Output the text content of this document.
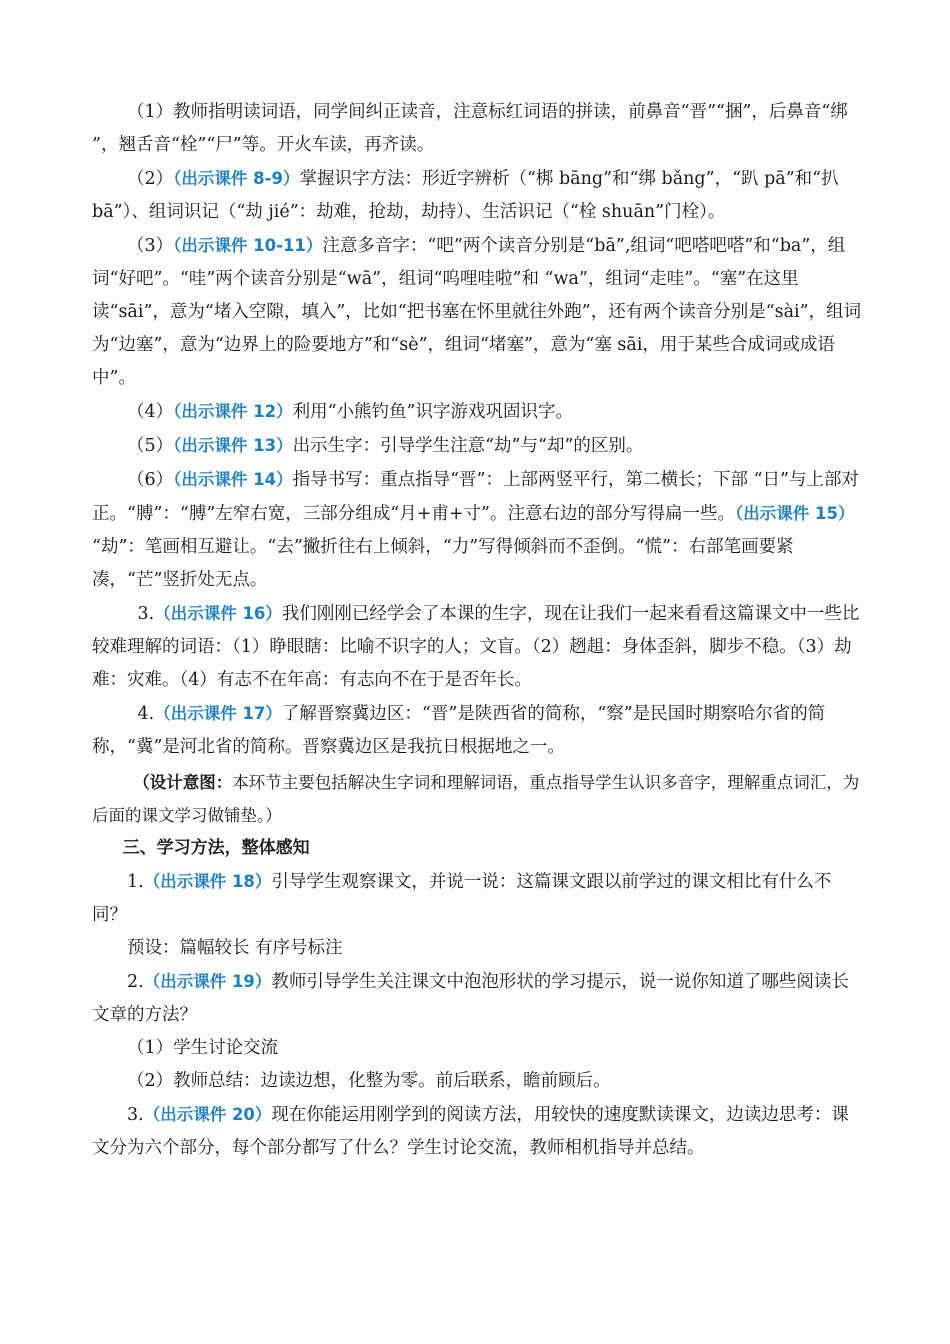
（1）教师指明读词语，同学间纠正读音，注意标红词语的拼读，前鼻音“晋”“捆”，后鼻音“绑 ”，翘舌音“栓”“尸”等。开火车读，再齐读。

（2）（出示课件 8-9）掌握识字方法：形近字辨析（“梆 bāng”和“绑 bǎng”，“趴 pā”和“扒 bā”）、组词识记（“劫 jié”：劫难，抢劫，劫持）、生活识记（“栓 shuān”门栓）。

（3）（出示课件 10-11）注意多音字：“吧”两个读音分别是“bā”,组词“吧嗒吧嗒”和“ba”，组词“好吧”。“哇”两个读音分别是“wā”，组词“呜哩哇啦”和 “wa”，组词“走哇”。“塞”在这里读“sāi”，意为“堵入空隙，填入”，比如“把书塞在怀里就往外跑”，还有两个读音分别是“sài”，组词为“边塞”，意为“边界上的险要地方”和“sè”，组词“堵塞”，意为“塞 sāi，用于某些合成词或成语中”。

（4）（出示课件 12）利用“小熊钓鱼”识字游戏巩固识字。

（5）（出示课件 13）出示生字：引导学生注意“劫”与“却”的区别。

（6）（出示课件 14）指导书写：重点指导“晋”：上部两竖平行，第二横长；下部 “日”与上部对正。“膊”：“膊”左窄右宽，三部分组成“月+甫+寸”。注意右边的部分写得扁一些。（出示课件 15） “劫”：笔画相互避让。“去”撇折往右上倾斜，“力”写得倾斜而不歪倒。“慌”：右部笔画要紧凑，“芒”竖折处无点。

3.（出示课件 16）我们刚刚已经学会了本课的生字，现在让我们一起来看看这篇课文中一些比较难理解的词语：（1）睁眼瞎：比喻不识字的人；文盲。（2）趔趄：身体歪斜，脚步不稳。（3）劫难：灾难。（4）有志不在年高：有志向不在于是否年长。

4.（出示课件 17）了解晋察冀边区：“晋”是陕西省的简称，“察”是民国时期察哈尔省的简称，“冀”是河北省的简称。晋察冀边区是我抗日根据地之一。

（设计意图：本环节主要包括解决生字词和理解词语，重点指导学生认识多音字，理解重点词汇，为后面的课文学习做铺垫。）

三、学习方法，整体感知

1.（出示课件 18）引导学生观察课文，并说一说：这篇课文跟以前学过的课文相比有什么不同？

预设：篇幅较长 有序号标注

2.（出示课件 19）教师引导学生关注课文中泡泡形状的学习提示，说一说你知道了哪些阅读长文章的方法？

（1）学生讨论交流

（2）教师总结：边读边想，化整为零。前后联系，瞻前顾后。

3.（出示课件 20）现在你能运用刚学到的阅读方法，用较快的速度默读课文，边读边思考：课文分为六个部分，每个部分都写了什么？学生讨论交流，教师相机指导并总结。
